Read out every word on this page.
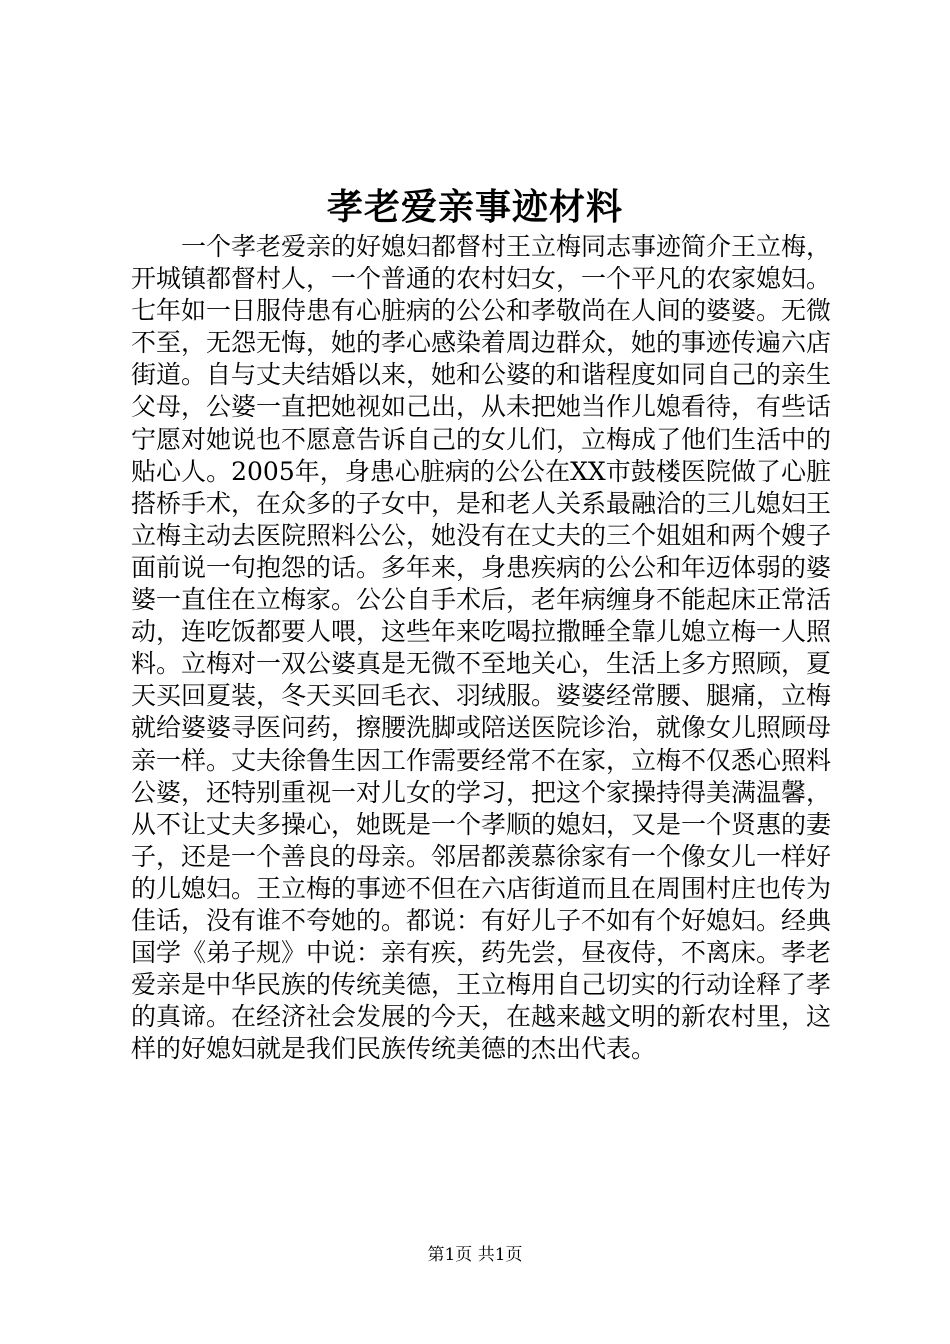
孝老爱亲事迹材料

一个孝老爱亲的好媳妇都督村王立梅同志事迹简介王立梅，开城镇都督村人，一个普通的农村妇女，一个平凡的农家媳妇。七年如一日服侍患有心脏病的公公和孝敬尚在人间的婆婆。无微不至，无怨无悔，她的孝心感染着周边群众，她的事迹传遍六店街道。自与丈夫结婚以来，她和公婆的和谐程度如同自己的亲生父母，公婆一直把她视如己出，从未把她当作儿媳看待，有些话宁愿对她说也不愿意告诉自己的女儿们，立梅成了他们生活中的贴心人。2005年，身患心脏病的公公在XX市鼓楼医院做了心脏搭桥手术，在众多的子女中，是和老人关系最融洽的三儿媳妇王立梅主动去医院照料公公，她没有在丈夫的三个姐姐和两个嫂子面前说一句抱怨的话。多年来，身患疾病的公公和年迈体弱的婆婆一直住在立梅家。公公自手术后，老年病缠身不能起床正常活动，连吃饭都要人喂，这些年来吃喝拉撒睡全靠儿媳立梅一人照料。立梅对一双公婆真是无微不至地关心，生活上多方照顾，夏天买回夏装，冬天买回毛衣、羽绒服。婆婆经常腰、腿痛，立梅就给婆婆寻医问药，擦腰洗脚或陪送医院诊治，就像女儿照顾母亲一样。丈夫徐鲁生因工作需要经常不在家，立梅不仅悉心照料公婆，还特别重视一对儿女的学习，把这个家操持得美满温馨，从不让丈夫多操心，她既是一个孝顺的媳妇，又是一个贤惠的妻子，还是一个善良的母亲。邻居都羡慕徐家有一个像女儿一样好的儿媳妇。王立梅的事迹不但在六店街道而且在周围村庄也传为佳话，没有谁不夸她的。都说：有好儿子不如有个好媳妇。经典国学《弟子规》中说：亲有疾，药先尝，昼夜侍，不离床。孝老爱亲是中华民族的传统美德，王立梅用自己切实的行动诠释了孝的真谛。在经济社会发展的今天，在越来越文明的新农村里，这样的好媳妇就是我们民族传统美德的杰出代表。

第1页 共1页
